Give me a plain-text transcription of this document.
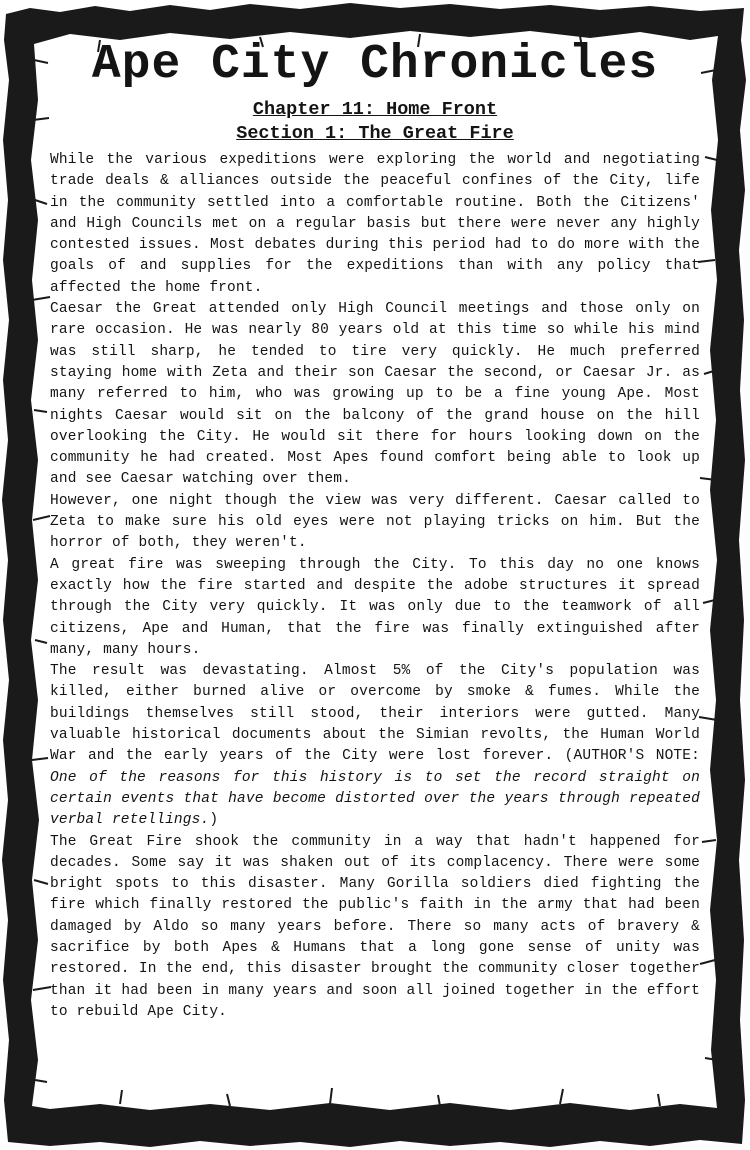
Ape City Chronicles
Chapter 11: Home Front
Section 1: The Great Fire

While the various expeditions were exploring the world and negotiating trade deals & alliances outside the peaceful confines of the City, life in the community settled into a comfortable routine. Both the Citizens' and High Councils met on a regular basis but there were never any highly contested issues. Most debates during this period had to do more with the goals of and supplies for the expeditions than with any policy that affected the home front.

Caesar the Great attended only High Council meetings and those only on rare occasion. He was nearly 80 years old at this time so while his mind was still sharp, he tended to tire very quickly. He much preferred staying home with Zeta and their son Caesar the second, or Caesar Jr. as many referred to him, who was growing up to be a fine young Ape. Most nights Caesar would sit on the balcony of the grand house on the hill overlooking the City. He would sit there for hours looking down on the community he had created. Most Apes found comfort being able to look up and see Caesar watching over them.

However, one night though the view was very different. Caesar called to Zeta to make sure his old eyes were not playing tricks on him. But the horror of both, they weren't.

A great fire was sweeping through the City. To this day no one knows exactly how the fire started and despite the adobe structures it spread through the City very quickly. It was only due to the teamwork of all citizens, Ape and Human, that the fire was finally extinguished after many, many hours.

The result was devastating. Almost 5% of the City's population was killed, either burned alive or overcome by smoke & fumes. While the buildings themselves still stood, their interiors were gutted. Many valuable historical documents about the Simian revolts, the Human World War and the early years of the City were lost forever. (AUTHOR'S NOTE: One of the reasons for this history is to set the record straight on certain events that have become distorted over the years through repeated verbal retellings.)

The Great Fire shook the community in a way that hadn't happened for decades. Some say it was shaken out of its complacency. There were some bright spots to this disaster. Many Gorilla soldiers died fighting the fire which finally restored the public's faith in the army that had been damaged by Aldo so many years before. There so many acts of bravery & sacrifice by both Apes & Humans that a long gone sense of unity was restored. In the end, this disaster brought the community closer together than it had been in many years and soon all joined together in the effort to rebuild Ape City.
